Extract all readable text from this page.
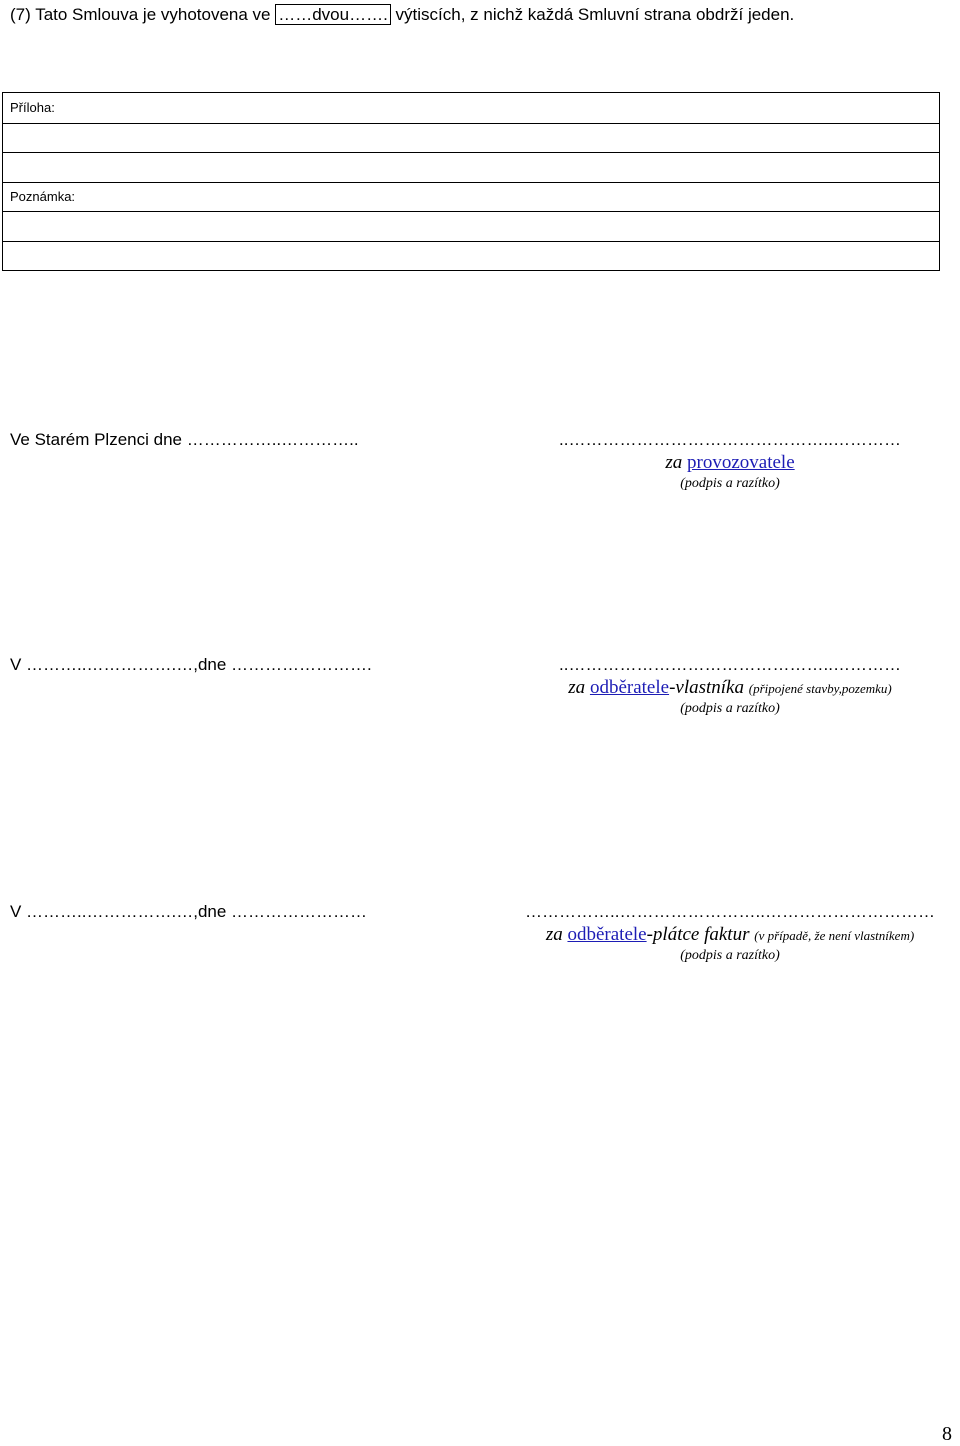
(7) Tato Smlouva je vyhotovena ve ……dvou……. výtiscích, z nichž každá Smluvní strana obdrží jeden.
Příloha:
Poznámka:
Ve Starém Plzenci dne ……………..…………..	..………………………………………..…………
za provozovatele
(podpis a razítko)
V ………..…………….…,dne …………………….	..………………………………………..…………
za odběratele-vlastníka (připojené stavby,pozemku)
(podpis a razítko)
V ………..…………….…,dne ……………………	……………..……………………..…………………………
za odběratele-plátce faktur (v případě, že není vlastníkem)
(podpis a razítko)
8
